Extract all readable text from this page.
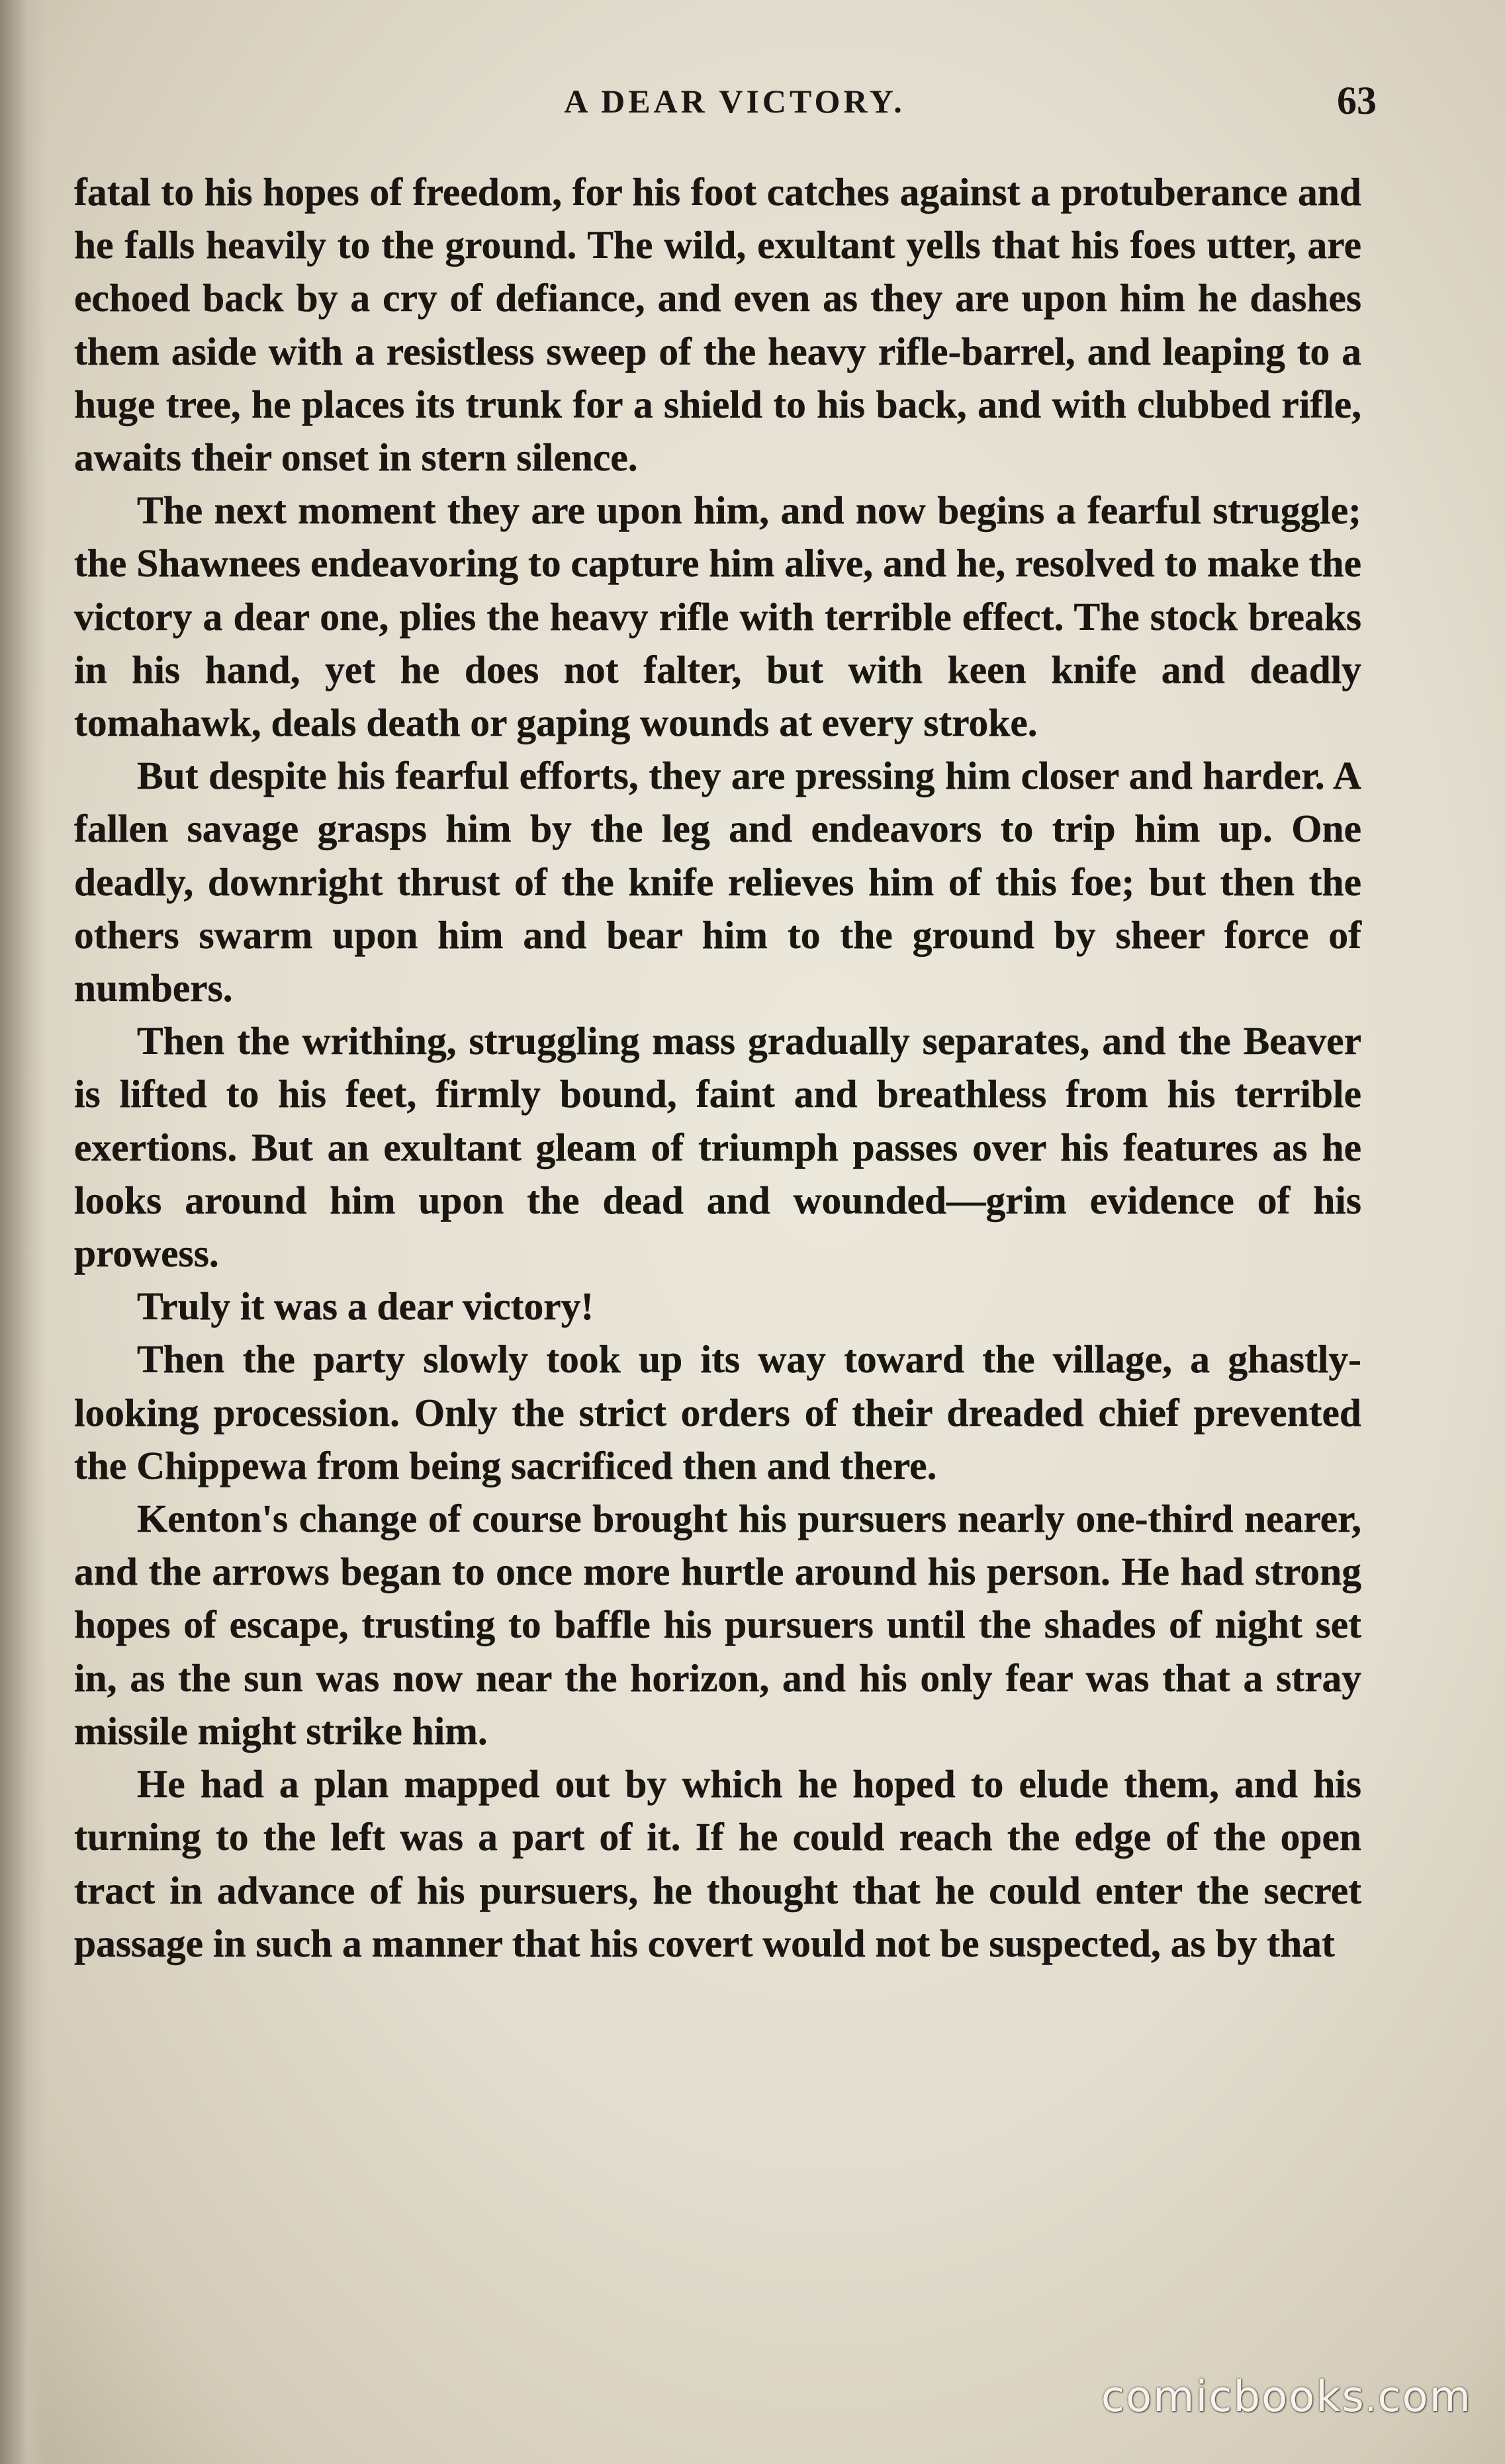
A DEAR VICTORY.	63

fatal to his hopes of freedom, for his foot catches against a protuberance and he falls heavily to the ground. The wild, exultant yells that his foes utter, are echoed back by a cry of defiance, and even as they are upon him he dashes them aside with a resistless sweep of the heavy rifle-barrel, and leaping to a huge tree, he places its trunk for a shield to his back, and with clubbed rifle, awaits their onset in stern silence.

The next moment they are upon him, and now begins a fearful struggle; the Shawnees endeavoring to capture him alive, and he, resolved to make the victory a dear one, plies the heavy rifle with terrible effect. The stock breaks in his hand, yet he does not falter, but with keen knife and deadly tomahawk, deals death or gaping wounds at every stroke.

But despite his fearful efforts, they are pressing him closer and harder. A fallen savage grasps him by the leg and endeavors to trip him up. One deadly, downright thrust of the knife relieves him of this foe; but then the others swarm upon him and bear him to the ground by sheer force of numbers.

Then the writhing, struggling mass gradually separates, and the Beaver is lifted to his feet, firmly bound, faint and breathless from his terrible exertions. But an exultant gleam of triumph passes over his features as he looks around him upon the dead and wounded—grim evidence of his prowess.

Truly it was a dear victory!

Then the party slowly took up its way toward the village, a ghastly-looking procession. Only the strict orders of their dreaded chief prevented the Chippewa from being sacrificed then and there.

Kenton's change of course brought his pursuers nearly one-third nearer, and the arrows began to once more hurtle around his person. He had strong hopes of escape, trusting to baffle his pursuers until the shades of night set in, as the sun was now near the horizon, and his only fear was that a stray missile might strike him.

He had a plan mapped out by which he hoped to elude them, and his turning to the left was a part of it. If he could reach the edge of the open tract in advance of his pursuers, he thought that he could enter the secret passage in such a manner that his covert would not be suspected, as by that

comicbooks.com
